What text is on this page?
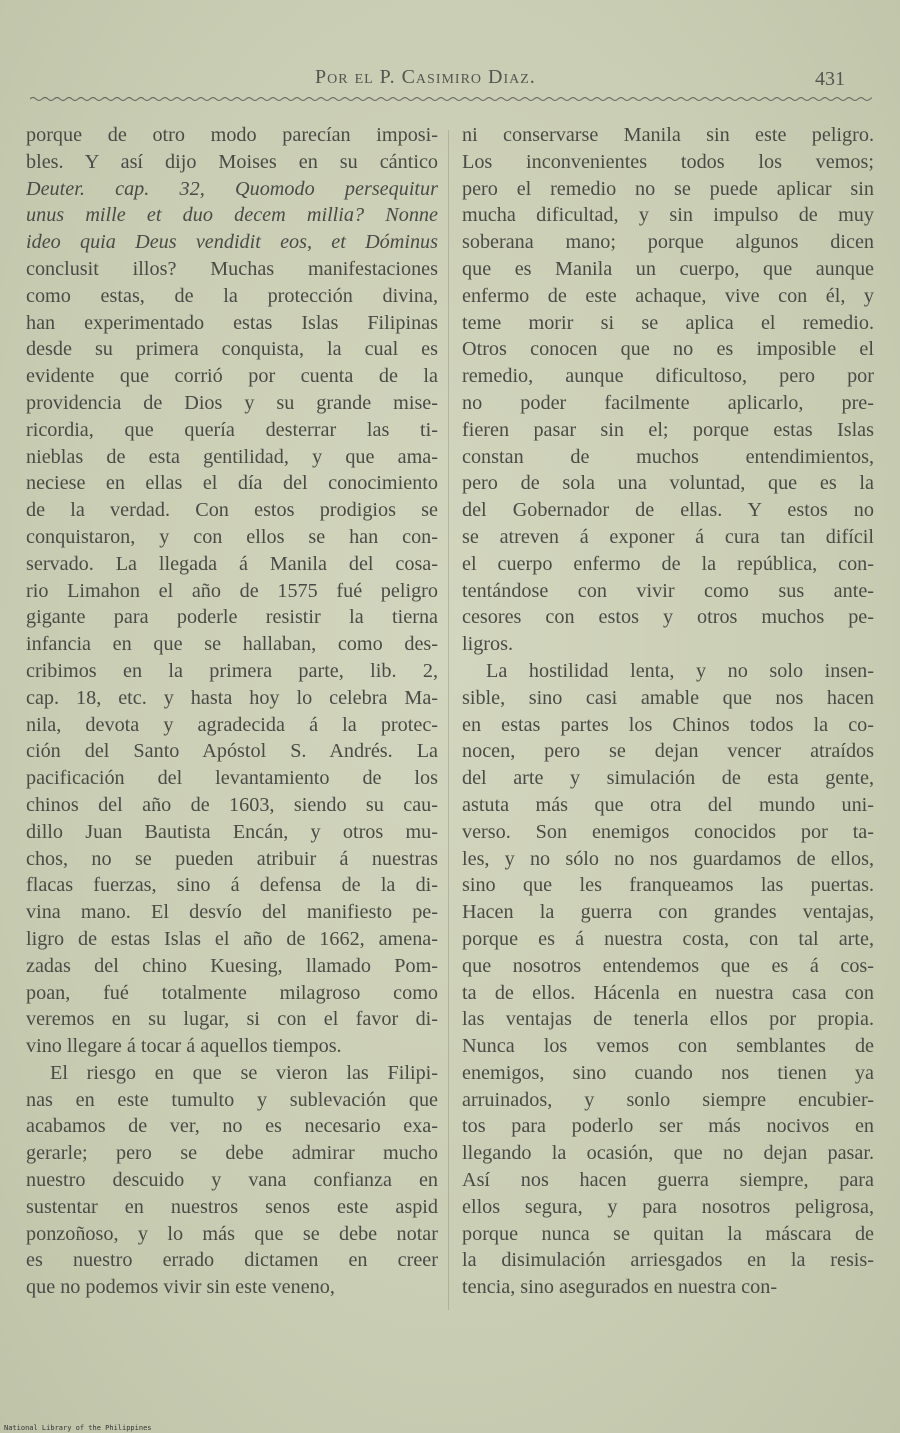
Por el P. Casimiro Diaz.	431
porque de otro modo parecían imposi-
bles. Y así dijo Moises en su cántico
Deuter. cap. 32, Quomodo persequitur
unus mille et duo decem millia? Nonne
ideo quia Deus vendidit eos, et Dóminus
conclusit illos? Muchas manifestaciones
como estas, de la protección divina,
han experimentado estas Islas Filipinas
desde su primera conquista, la cual es
evidente que corrió por cuenta de la
providencia de Dios y su grande mise-
ricordia, que quería desterrar las ti-
nieblas de esta gentilidad, y que ama-
neciese en ellas el día del conocimiento
de la verdad. Con estos prodigios se
conquistaron, y con ellos se han con-
servado. La llegada á Manila del cosa-
rio Limahon el año de 1575 fué peligro
gigante para poderle resistir la tierna
infancia en que se hallaban, como des-
cribimos en la primera parte, lib. 2,
cap. 18, etc. y hasta hoy lo celebra Ma-
nila, devota y agradecida á la protec-
ción del Santo Apóstol S. Andrés. La
pacificación del levantamiento de los
chinos del año de 1603, siendo su cau-
dillo Juan Bautista Encán, y otros mu-
chos, no se pueden atribuir á nuestras
flacas fuerzas, sino á defensa de la di-
vina mano. El desvío del manifiesto pe-
ligro de estas Islas el año de 1662, amena-
zadas del chino Kuesing, llamado Pom-
poan, fué totalmente milagroso como
veremos en su lugar, si con el favor di-
vino llegare á tocar á aquellos tiempos.
El riesgo en que se vieron las Filipi-
nas en este tumulto y sublevación que
acabamos de ver, no es necesario exa-
gerarle; pero se debe admirar mucho
nuestro descuido y vana confianza en
sustentar en nuestros senos este aspid
ponzoñoso, y lo más que se debe notar
es nuestro errado dictamen en creer
que no podemos vivir sin este veneno,
ni conservarse Manila sin este peligro.
Los inconvenientes todos los vemos;
pero el remedio no se puede aplicar sin
mucha dificultad, y sin impulso de muy
soberana mano; porque algunos dicen
que es Manila un cuerpo, que aunque
enfermo de este achaque, vive con él, y
teme morir si se aplica el remedio.
Otros conocen que no es imposible el
remedio, aunque dificultoso, pero por
no poder facilmente aplicarlo, pre-
fieren pasar sin el; porque estas Islas
constan de muchos entendimientos,
pero de sola una voluntad, que es la
del Gobernador de ellas. Y estos no
se atreven á exponer á cura tan difícil
el cuerpo enfermo de la república, con-
tentándose con vivir como sus ante-
cesores con estos y otros muchos pe-
ligros.
La hostilidad lenta, y no solo insen-
sible, sino casi amable que nos hacen
en estas partes los Chinos todos la co-
nocen, pero se dejan vencer atraídos
del arte y simulación de esta gente,
astuta más que otra del mundo uni-
verso. Son enemigos conocidos por ta-
les, y no sólo no nos guardamos de ellos,
sino que les franqueamos las puertas.
Hacen la guerra con grandes ventajas,
porque es á nuestra costa, con tal arte,
que nosotros entendemos que es á cos-
ta de ellos. Hácenla en nuestra casa con
las ventajas de tenerla ellos por propia.
Nunca los vemos con semblantes de
enemigos, sino cuando nos tienen ya
arruinados, y sonlo siempre encubier-
tos para poderlo ser más nocivos en
llegando la ocasión, que no dejan pasar.
Así nos hacen guerra siempre, para
ellos segura, y para nosotros peligrosa,
porque nunca se quitan la máscara de
la disimulación arriesgados en la resis-
tencia, sino asegurados en nuestra con-
National Library of the Philippines
